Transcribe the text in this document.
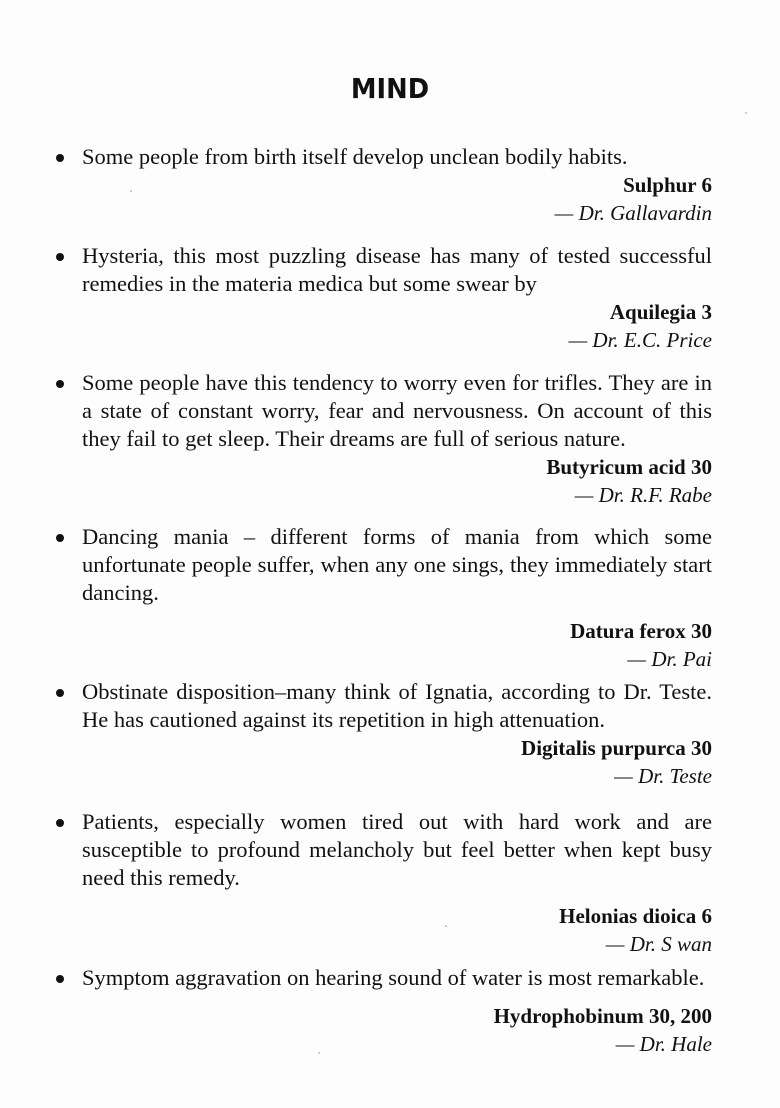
MIND
Some people from birth itself develop unclean bodily habits.
Sulphur 6
— Dr. Gallavardin
Hysteria, this most puzzling disease has many of tested successful remedies in the materia medica but some swear by
Aquilegia 3
— Dr. E.C. Price
Some people have this tendency to worry even for trifles. They are in a state of constant worry, fear and nervousness. On account of this they fail to get sleep. Their dreams are full of serious nature.
Butyricum acid 30
— Dr. R.F. Rabe
Dancing mania – different forms of mania from which some unfortunate people suffer, when any one sings, they immediately start dancing.
Datura ferox 30
— Dr. Pai
Obstinate disposition–many think of Ignatia, according to Dr. Teste. He has cautioned against its repetition in high attenuation.
Digitalis purpurca 30
— Dr. Teste
Patients, especially women tired out with hard work and are susceptible to profound melancholy but feel better when kept busy need this remedy.
Helonias dioica 6
— Dr. S wan
Symptom aggravation on hearing sound of water is most remarkable.
Hydrophobinum 30, 200
— Dr. Hale
